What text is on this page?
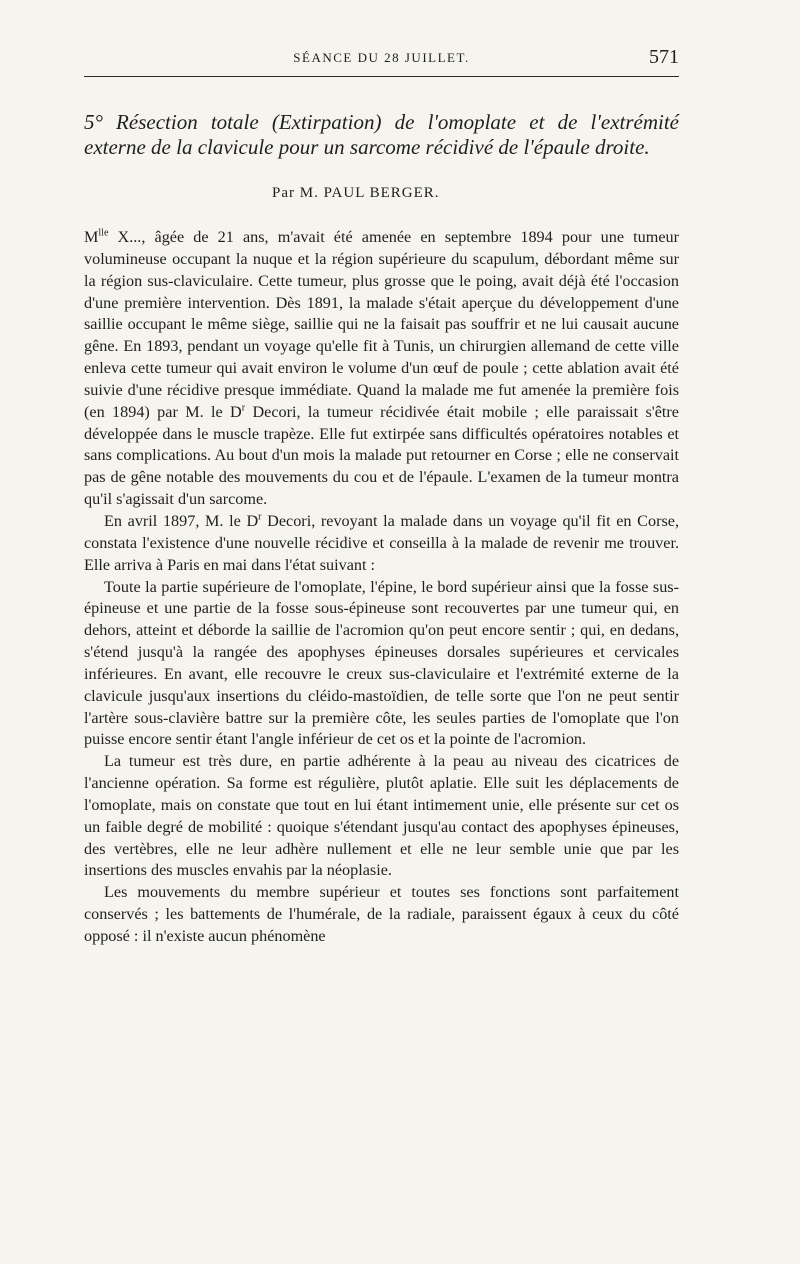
SÉANCE DU 28 JUILLET.	571
5° Résection totale (Extirpation) de l'omoplate et de l'extrémité externe de la clavicule pour un sarcome récidivé de l'épaule droite.
Par M. PAUL BERGER.

$M^{lle}$ X..., âgée de 21 ans, m'avait été amenée en septembre 1894 pour une tumeur volumineuse occupant la nuque et la région supérieure du scapulum, débordant même sur la région sus-claviculaire. Cette tumeur, plus grosse que le poing, avait déjà été l'occasion d'une première intervention. Dès 1891, la malade s'était aperçue du développement d'une saillie occupant le même siège, saillie qui ne la faisait pas souffrir et ne lui causait aucune gêne. En 1893, pendant un voyage qu'elle fit à Tunis, un chirurgien allemand de cette ville enleva cette tumeur qui avait environ le volume d'un œuf de poule ; cette ablation avait été suivie d'une récidive presque immédiate. Quand la malade me fut amenée la première fois (en 1894) par M. le $D^r$ Decori, la tumeur récidivée était mobile ; elle paraissait s'être développée dans le muscle trapèze. Elle fut extirpée sans difficultés opératoires notables et sans complications. Au bout d'un mois la malade put retourner en Corse ; elle ne conservait pas de gêne notable des mouvements du cou et de l'épaule. L'examen de la tumeur montra qu'il s'agissait d'un sarcome.

En avril 1897, M. le $D^r$ Decori, revoyant la malade dans un voyage qu'il fit en Corse, constata l'existence d'une nouvelle récidive et conseilla à la malade de revenir me trouver. Elle arriva à Paris en mai dans l'état suivant :

Toute la partie supérieure de l'omoplate, l'épine, le bord supérieur ainsi que la fosse sus-épineuse et une partie de la fosse sous-épineuse sont recouvertes par une tumeur qui, en dehors, atteint et déborde la saillie de l'acromion qu'on peut encore sentir ; qui, en dedans, s'étend jusqu'à la rangée des apophyses épineuses dorsales supérieures et cervicales inférieures. En avant, elle recouvre le creux sus-claviculaire et l'extrémité externe de la clavicule jusqu'aux insertions du cléido-mastoïdien, de telle sorte que l'on ne peut sentir l'artère sous-clavière battre sur la première côte, les seules parties de l'omoplate que l'on puisse encore sentir étant l'angle inférieur de cet os et la pointe de l'acromion.

La tumeur est très dure, en partie adhérente à la peau au niveau des cicatrices de l'ancienne opération. Sa forme est régulière, plutôt aplatie. Elle suit les déplacements de l'omoplate, mais on constate que tout en lui étant intimement unie, elle présente sur cet os un faible degré de mobilité : quoique s'étendant jusqu'au contact des apophyses épineuses, des vertèbres, elle ne leur adhère nullement et elle ne leur semble unie que par les insertions des muscles envahis par la néoplasie.

Les mouvements du membre supérieur et toutes ses fonctions sont parfaitement conservés ; les battements de l'humérale, de la radiale, paraissent égaux à ceux du côté opposé : il n'existe aucun phénomène
